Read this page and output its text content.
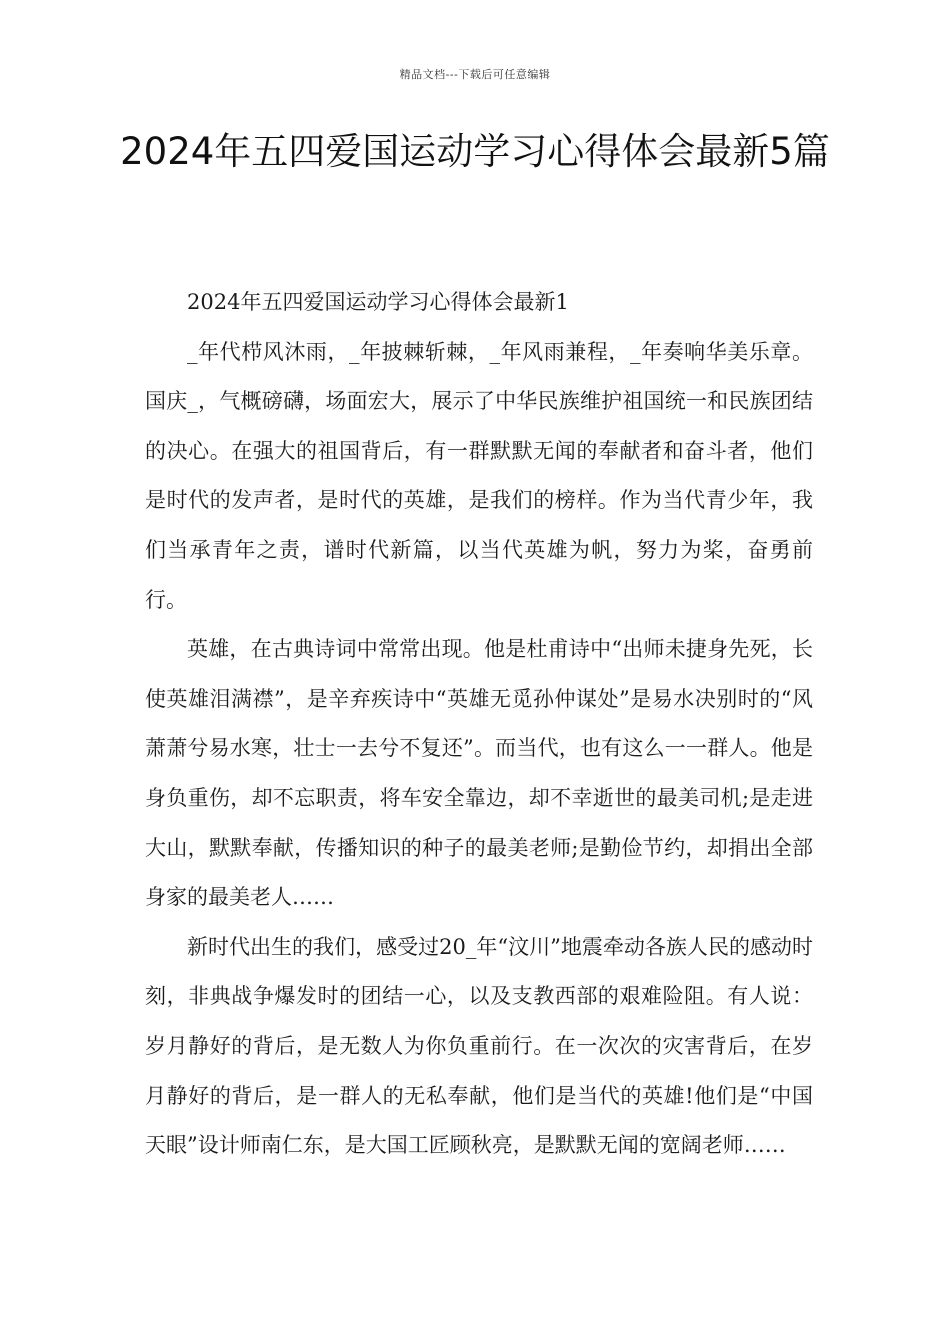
精品文档---下载后可任意编辑
2024年五四爱国运动学习心得体会最新5篇

2024年五四爱国运动学习心得体会最新1

_年代栉风沐雨，_年披棘斩棘，_年风雨兼程，_年奏响华美乐章。国庆_，气概磅礴，场面宏大，展示了中华民族维护祖国统一和民族团结的决心。在强大的祖国背后，有一群默默无闻的奉献者和奋斗者，他们是时代的发声者，是时代的英雄，是我们的榜样。作为当代青少年，我们当承青年之责，谱时代新篇，以当代英雄为帆，努力为桨，奋勇前行。

英雄，在古典诗词中常常出现。他是杜甫诗中“出师未捷身先死，长使英雄泪满襟”，是辛弃疾诗中“英雄无觅孙仲谋处”是易水决别时的“风萧萧兮易水寒，壮士一去兮不复还”。而当代，也有这么一一群人。他是身负重伤，却不忘职责，将车安全靠边，却不幸逝世的最美司机;是走进大山，默默奉献，传播知识的种子的最美老师;是勤俭节约，却捐出全部身家的最美老人……

新时代出生的我们，感受过20_年“汶川”地震牵动各族人民的感动时刻，非典战争爆发时的团结一心，以及支教西部的艰难险阻。有人说：岁月静好的背后，是无数人为你负重前行。在一次次的灾害背后，在岁月静好的背后，是一群人的无私奉献，他们是当代的英雄!他们是“中国天眼”设计师南仁东，是大国工匠顾秋亮，是默默无闻的宽阔老师……
